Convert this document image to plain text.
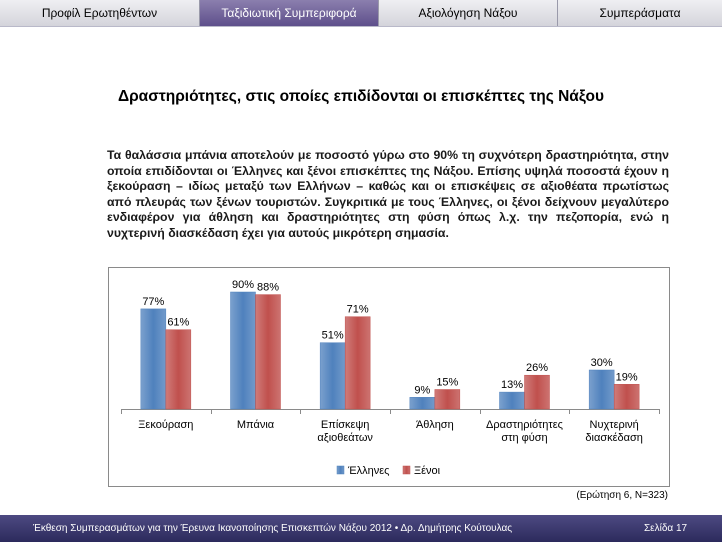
Προφίλ Ερωτηθέντων	Ταξιδιωτική Συμπεριφορά	Αξιολόγηση Νάξου	Συμπεράσματα
Δραστηριότητες, στις οποίες επιδίδονται οι επισκέπτες της Νάξου
Τα θαλάσσια μπάνια αποτελούν με ποσοστό γύρω στο 90% τη συχνότερη δραστηριότητα, στην οποία επιδίδονται οι Έλληνες και ξένοι επισκέπτες της Νάξου. Επίσης υψηλά ποσοστά έχουν η ξεκούραση – ιδίως μεταξύ των Ελλήνων – καθώς και οι επισκέψεις σε αξιοθέατα πρωτίστως από πλευράς των ξένων τουριστών. Συγκριτικά με τους Έλληνες, οι ξένοι δείχνουν μεγαλύτερο ενδιαφέρον για άθληση και δραστηριότητες στη φύση όπως λ.χ. την πεζοπορία, ενώ η νυχτερινή διασκέδαση έχει για αυτούς μικρότερη σημασία.
77%
61%
Ξεκούραση
90% 88%
Μπάνια
51%
71%
Επίσκεψη
αξιοθεάτων
9%
15%
Άθληση
13%
26%
Δραστηριότητες
στη φύση
30%
19%
Νυχτερινή
διασκέδαση
Έλληνες Ξένοι
(Ερώτηση 6, N=323)
Έκθεση Συμπερασμάτων για την Έρευνα Ικανοποίησης Επισκεπτών Νάξου 2012 • Δρ. Δημήτρης Κούτουλας	Σελίδα 17
